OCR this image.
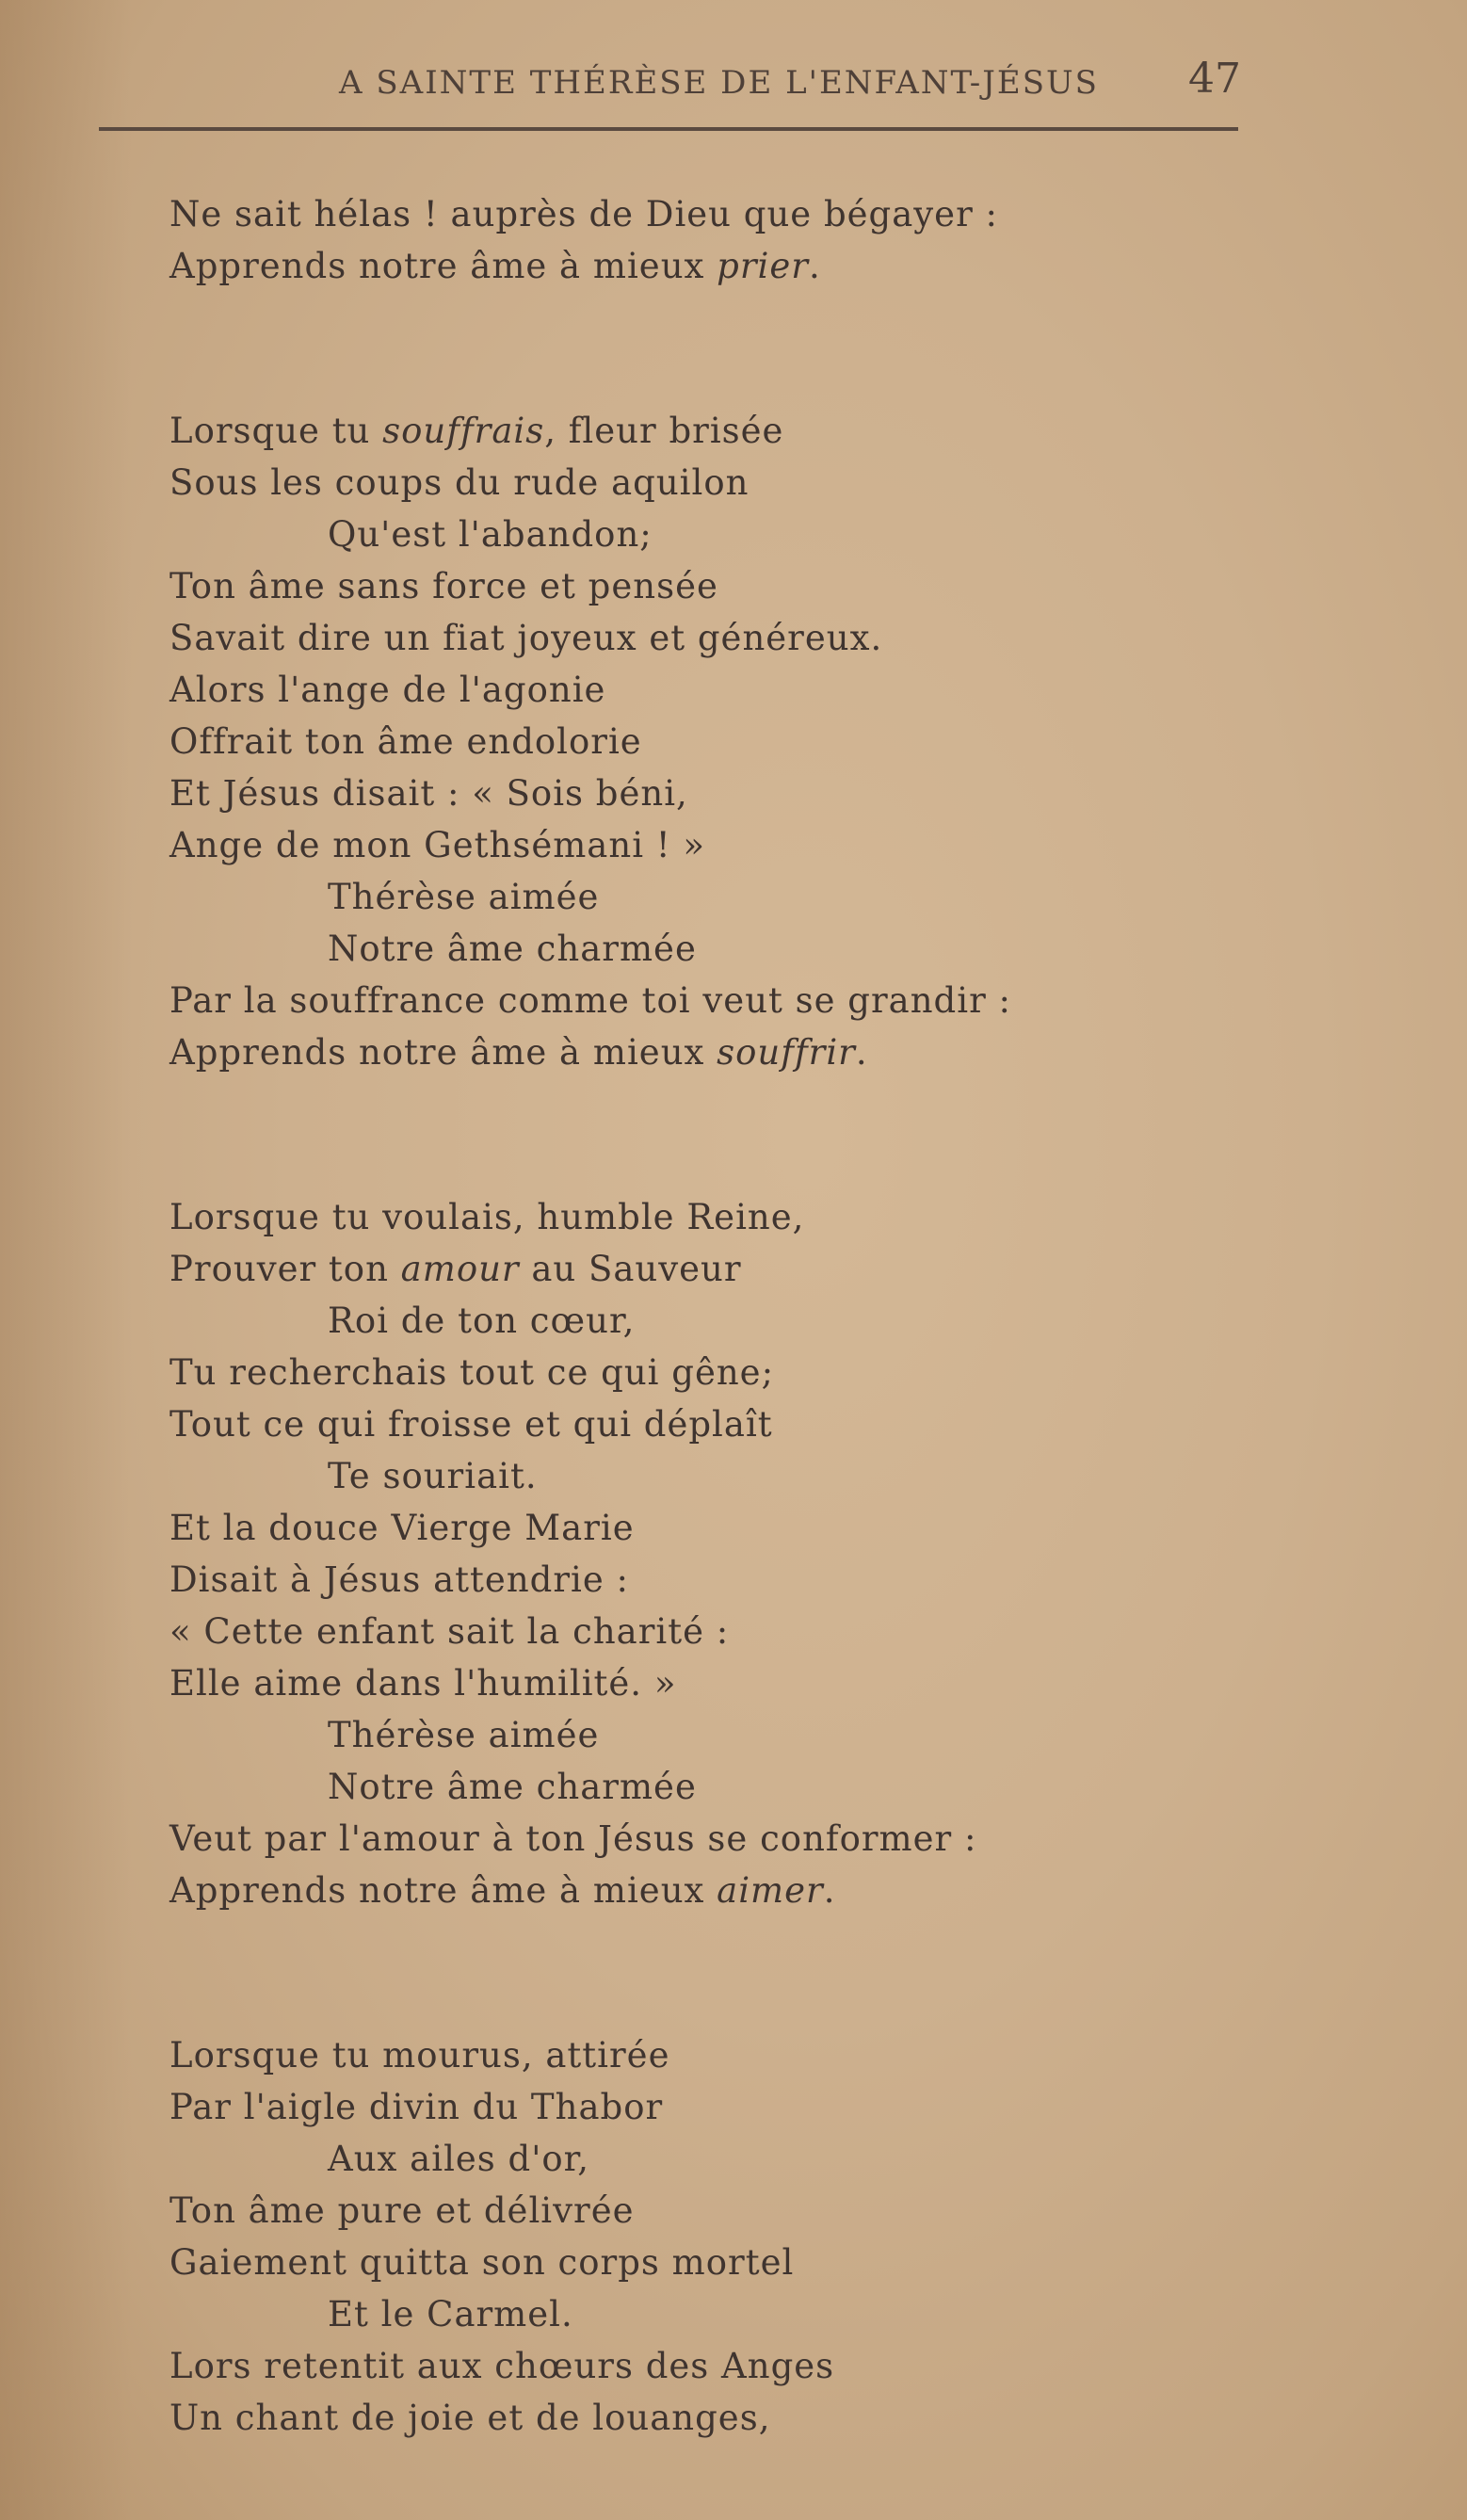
A SAINTE THÉRÈSE DE L'ENFANT-JÉSUS 47
Ne sait hélas ! auprès de Dieu que bégayer :
Apprends notre âme à mieux prier.
Lorsque tu souffrais, fleur brisée
Sous les coups du rude aquilon
Qu'est l'abandon;
Ton âme sans force et pensée
Savait dire un fiat joyeux et généreux.
Alors l'ange de l'agonie
Offrait ton âme endolorie
Et Jésus disait : « Sois béni,
Ange de mon Gethsémani ! »
Thérèse aimée
Notre âme charmée
Par la souffrance comme toi veut se grandir :
Apprends notre âme à mieux souffrir.
Lorsque tu voulais, humble Reine,
Prouver ton amour au Sauveur
Roi de ton cœur,
Tu recherchais tout ce qui gêne;
Tout ce qui froisse et qui déplaît
Te souriait.
Et la douce Vierge Marie
Disait à Jésus attendrie :
« Cette enfant sait la charité :
Elle aime dans l'humilité. »
Thérèse aimée
Notre âme charmée
Veut par l'amour à ton Jésus se conformer :
Apprends notre âme à mieux aimer.
Lorsque tu mourus, attirée
Par l'aigle divin du Thabor
Aux ailes d'or,
Ton âme pure et délivrée
Gaiement quitta son corps mortel
Et le Carmel.
Lors retentit aux chœurs des Anges
Un chant de joie et de louanges,
